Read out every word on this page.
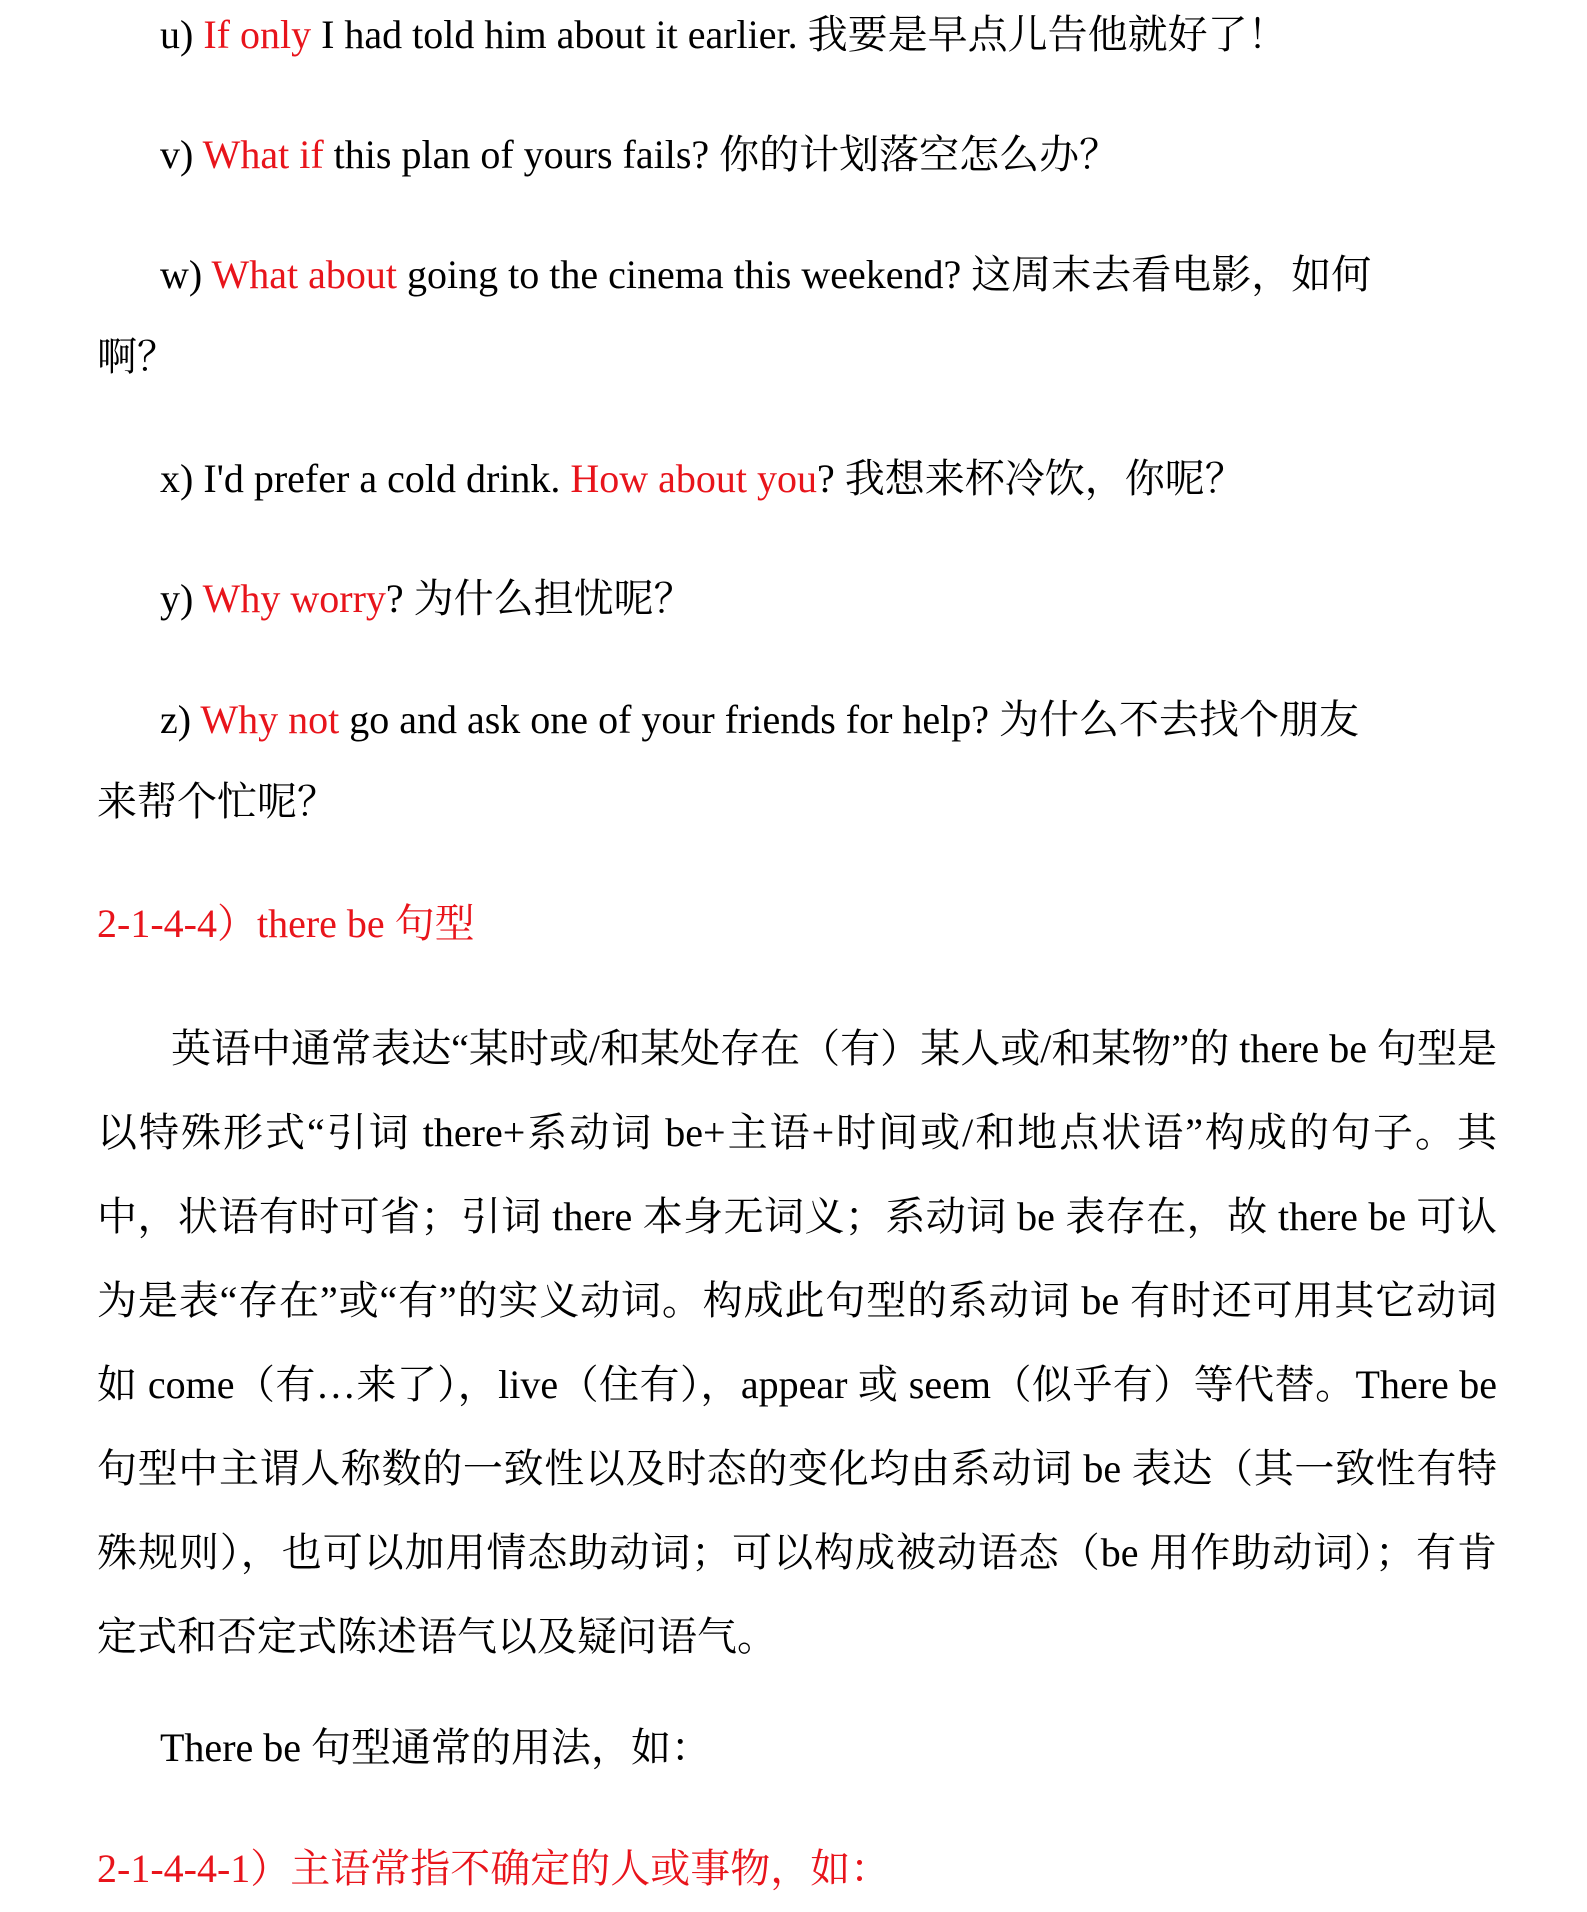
u) If only I had told him about it earlier. 我要是早点儿告他就好了！
v) What if this plan of yours fails? 你的计划落空怎么办？
w) What about going to the cinema this weekend? 这周末去看电影，如何
啊？
x) I'd prefer a cold drink. How about you? 我想来杯冷饮，你呢？
y) Why worry? 为什么担忧呢？
z) Why not go and ask one of your friends for help? 为什么不去找个朋友
来帮个忙呢？
2-1-4-4）there be 句型
英语中通常表达“某时或/和某处存在（有）某人或/和某物”的 there be 句型是以特殊形式“引词 there+系动词 be+主语+时间或/和地点状语”构成的句子。其中，状语有时可省；引词 there 本身无词义；系动词 be 表存在，故 there be 可认为是表“存在”或“有”的实义动词。构成此句型的系动词 be 有时还可用其它动词如 come（有…来了），live（住有），appear 或 seem（似乎有）等代替。There be 句型中主谓人称数的一致性以及时态的变化均由系动词 be 表达（其一致性有特殊规则），也可以加用情态助动词；可以构成被动语态（be 用作助动词）；有肯定式和否定式陈述语气以及疑问语气。
There be 句型通常的用法，如：
2-1-4-4-1）主语常指不确定的人或事物，如：
